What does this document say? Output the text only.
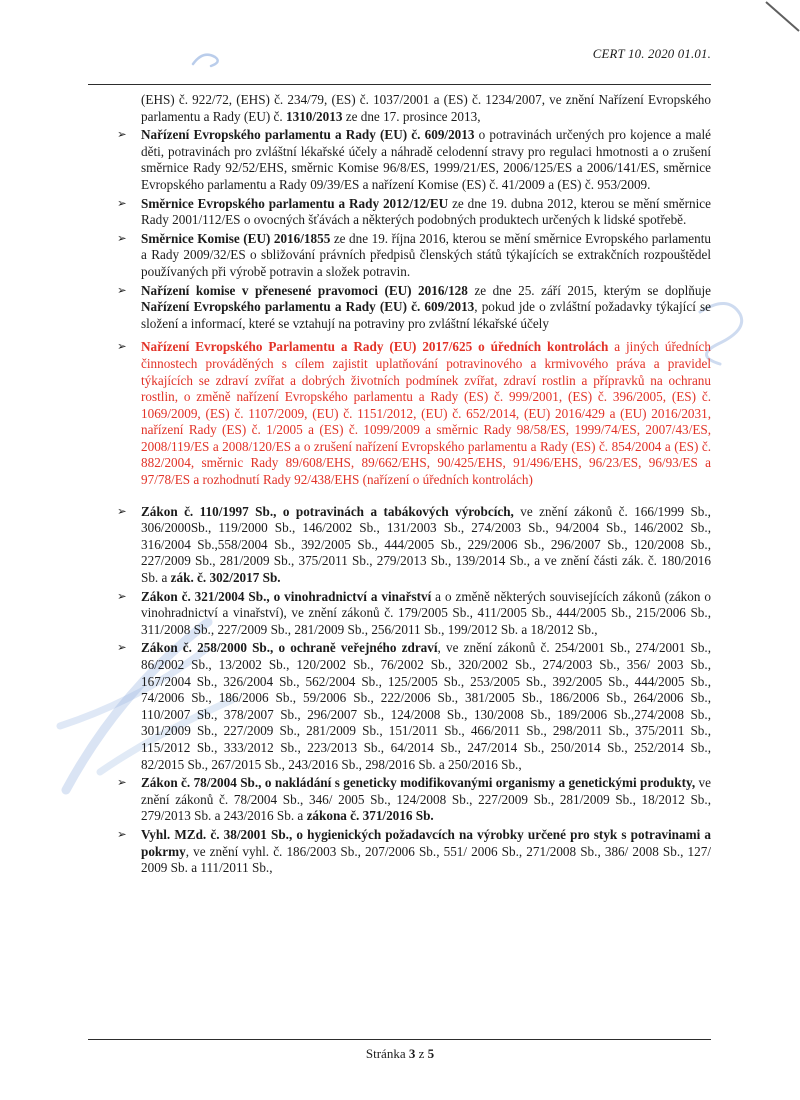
CERT 10. 2020 01.01.

(EHS) č. 922/72, (EHS) č. 234/79, (ES) č. 1037/2001 a (ES) č. 1234/2007, ve znění Nařízení Evropského parlamentu a Rady (EU) č. 1310/2013 ze dne 17. prosince 2013,

➢ Nařízení Evropského parlamentu a Rady (EU) č. 609/2013 o potravinách určených pro kojence a malé děti, potravinách pro zvláštní lékařské účely a náhradě celodenní stravy pro regulaci hmotnosti a o zrušení směrnice Rady 92/52/EHS, směrnic Komise 96/8/ES, 1999/21/ES, 2006/125/ES a 2006/141/ES, směrnice Evropského parlamentu a Rady 09/39/ES a nařízení Komise (ES) č. 41/2009 a (ES) č. 953/2009.

➢ Směrnice Evropského parlamentu a Rady 2012/12/EU ze dne 19. dubna 2012, kterou se mění směrnice Rady 2001/112/ES o ovocných šťávách a některých podobných produktech určených k lidské spotřebě.

➢ Směrnice Komise (EU) 2016/1855 ze dne 19. října 2016, kterou se mění směrnice Evropského parlamentu a Rady 2009/32/ES o sbližování právních předpisů členských států týkajících se extrakčních rozpouštědel používaných při výrobě potravin a složek potravin.

➢ Nařízení komise v přenesené pravomoci (EU) 2016/128 ze dne 25. září 2015, kterým se doplňuje Nařízení Evropského parlamentu a Rady (EU) č. 609/2013, pokud jde o zvláštní požadavky týkající se složení a informací, které se vztahují na potraviny pro zvláštní lékařské účely

➢ Nařízení Evropského Parlamentu a Rady (EU) 2017/625 o úředních kontrolách a jiných úředních činnostech prováděných s cílem zajistit uplatňování potravinového a krmivového práva a pravidel týkajících se zdraví zvířat a dobrých životních podmínek zvířat, zdraví rostlin a přípravků na ochranu rostlin, o změně nařízení Evropského parlamentu a Rady (ES) č. 999/2001, (ES) č. 396/2005, (ES) č. 1069/2009, (ES) č. 1107/2009, (EU) č. 1151/2012, (EU) č. 652/2014, (EU) 2016/429 a (EU) 2016/2031, nařízení Rady (ES) č. 1/2005 a (ES) č. 1099/2009 a směrnic Rady 98/58/ES, 1999/74/ES, 2007/43/ES, 2008/119/ES a 2008/120/ES a o zrušení nařízení Evropského parlamentu a Rady (ES) č. 854/2004 a (ES) č. 882/2004, směrnic Rady 89/608/EHS, 89/662/EHS, 90/425/EHS, 91/496/EHS, 96/23/ES, 96/93/ES a 97/78/ES a rozhodnutí Rady 92/438/EHS (nařízení o úředních kontrolách)

➢ Zákon č. 110/1997 Sb., o potravinách a tabákových výrobcích, ve znění zákonů č. 166/1999 Sb., 306/2000Sb., 119/2000 Sb., 146/2002 Sb., 131/2003 Sb., 274/2003 Sb., 94/2004 Sb., 146/2002 Sb., 316/2004 Sb.,558/2004 Sb., 392/2005 Sb., 444/2005 Sb., 229/2006 Sb., 296/2007 Sb., 120/2008 Sb., 227/2009 Sb., 281/2009 Sb., 375/2011 Sb., 279/2013 Sb., 139/2014 Sb., a ve znění části zák. č. 180/2016 Sb. a zák. č. 302/2017 Sb.

➢ Zákon č. 321/2004 Sb., o vinohradnictví a vinařství a o změně některých souvisejících zákonů (zákon o vinohradnictví a vinařství), ve znění zákonů č. 179/2005 Sb., 411/2005 Sb., 444/2005 Sb., 215/2006 Sb., 311/2008 Sb., 227/2009 Sb., 281/2009 Sb., 256/2011 Sb., 199/2012 Sb. a 18/2012 Sb.,

➢ Zákon č. 258/2000 Sb., o ochraně veřejného zdraví, ve znění zákonů č. 254/2001 Sb., 274/2001 Sb., 86/2002 Sb., 13/2002 Sb., 120/2002 Sb., 76/2002 Sb., 320/2002 Sb., 274/2003 Sb., 356/ 2003 Sb., 167/2004 Sb., 326/2004 Sb., 562/2004 Sb., 125/2005 Sb., 253/2005 Sb., 392/2005 Sb., 444/2005 Sb., 74/2006 Sb., 186/2006 Sb., 59/2006 Sb., 222/2006 Sb., 381/2005 Sb., 186/2006 Sb., 264/2006 Sb., 110/2007 Sb., 378/2007 Sb., 296/2007 Sb., 124/2008 Sb., 130/2008 Sb., 189/2006 Sb.,274/2008 Sb., 301/2009 Sb., 227/2009 Sb., 281/2009 Sb., 151/2011 Sb., 466/2011 Sb., 298/2011 Sb., 375/2011 Sb., 115/2012 Sb., 333/2012 Sb., 223/2013 Sb., 64/2014 Sb., 247/2014 Sb., 250/2014 Sb., 252/2014 Sb., 82/2015 Sb., 267/2015 Sb., 243/2016 Sb., 298/2016 Sb. a 250/2016 Sb.,

➢ Zákon č. 78/2004 Sb., o nakládání s geneticky modifikovanými organismy a genetickými produkty, ve znění zákonů č. 78/2004 Sb., 346/ 2005 Sb., 124/2008 Sb., 227/2009 Sb., 281/2009 Sb., 18/2012 Sb., 279/2013 Sb. a 243/2016 Sb. a zákona č. 371/2016 Sb.

➢ Vyhl. MZd. č. 38/2001 Sb., o hygienických požadavcích na výrobky určené pro styk s potravinami a pokrmy, ve znění vyhl. č. 186/2003 Sb., 207/2006 Sb., 551/ 2006 Sb., 271/2008 Sb., 386/ 2008 Sb., 127/ 2009 Sb. a 111/2011 Sb.,

Stránka 3 z 5
